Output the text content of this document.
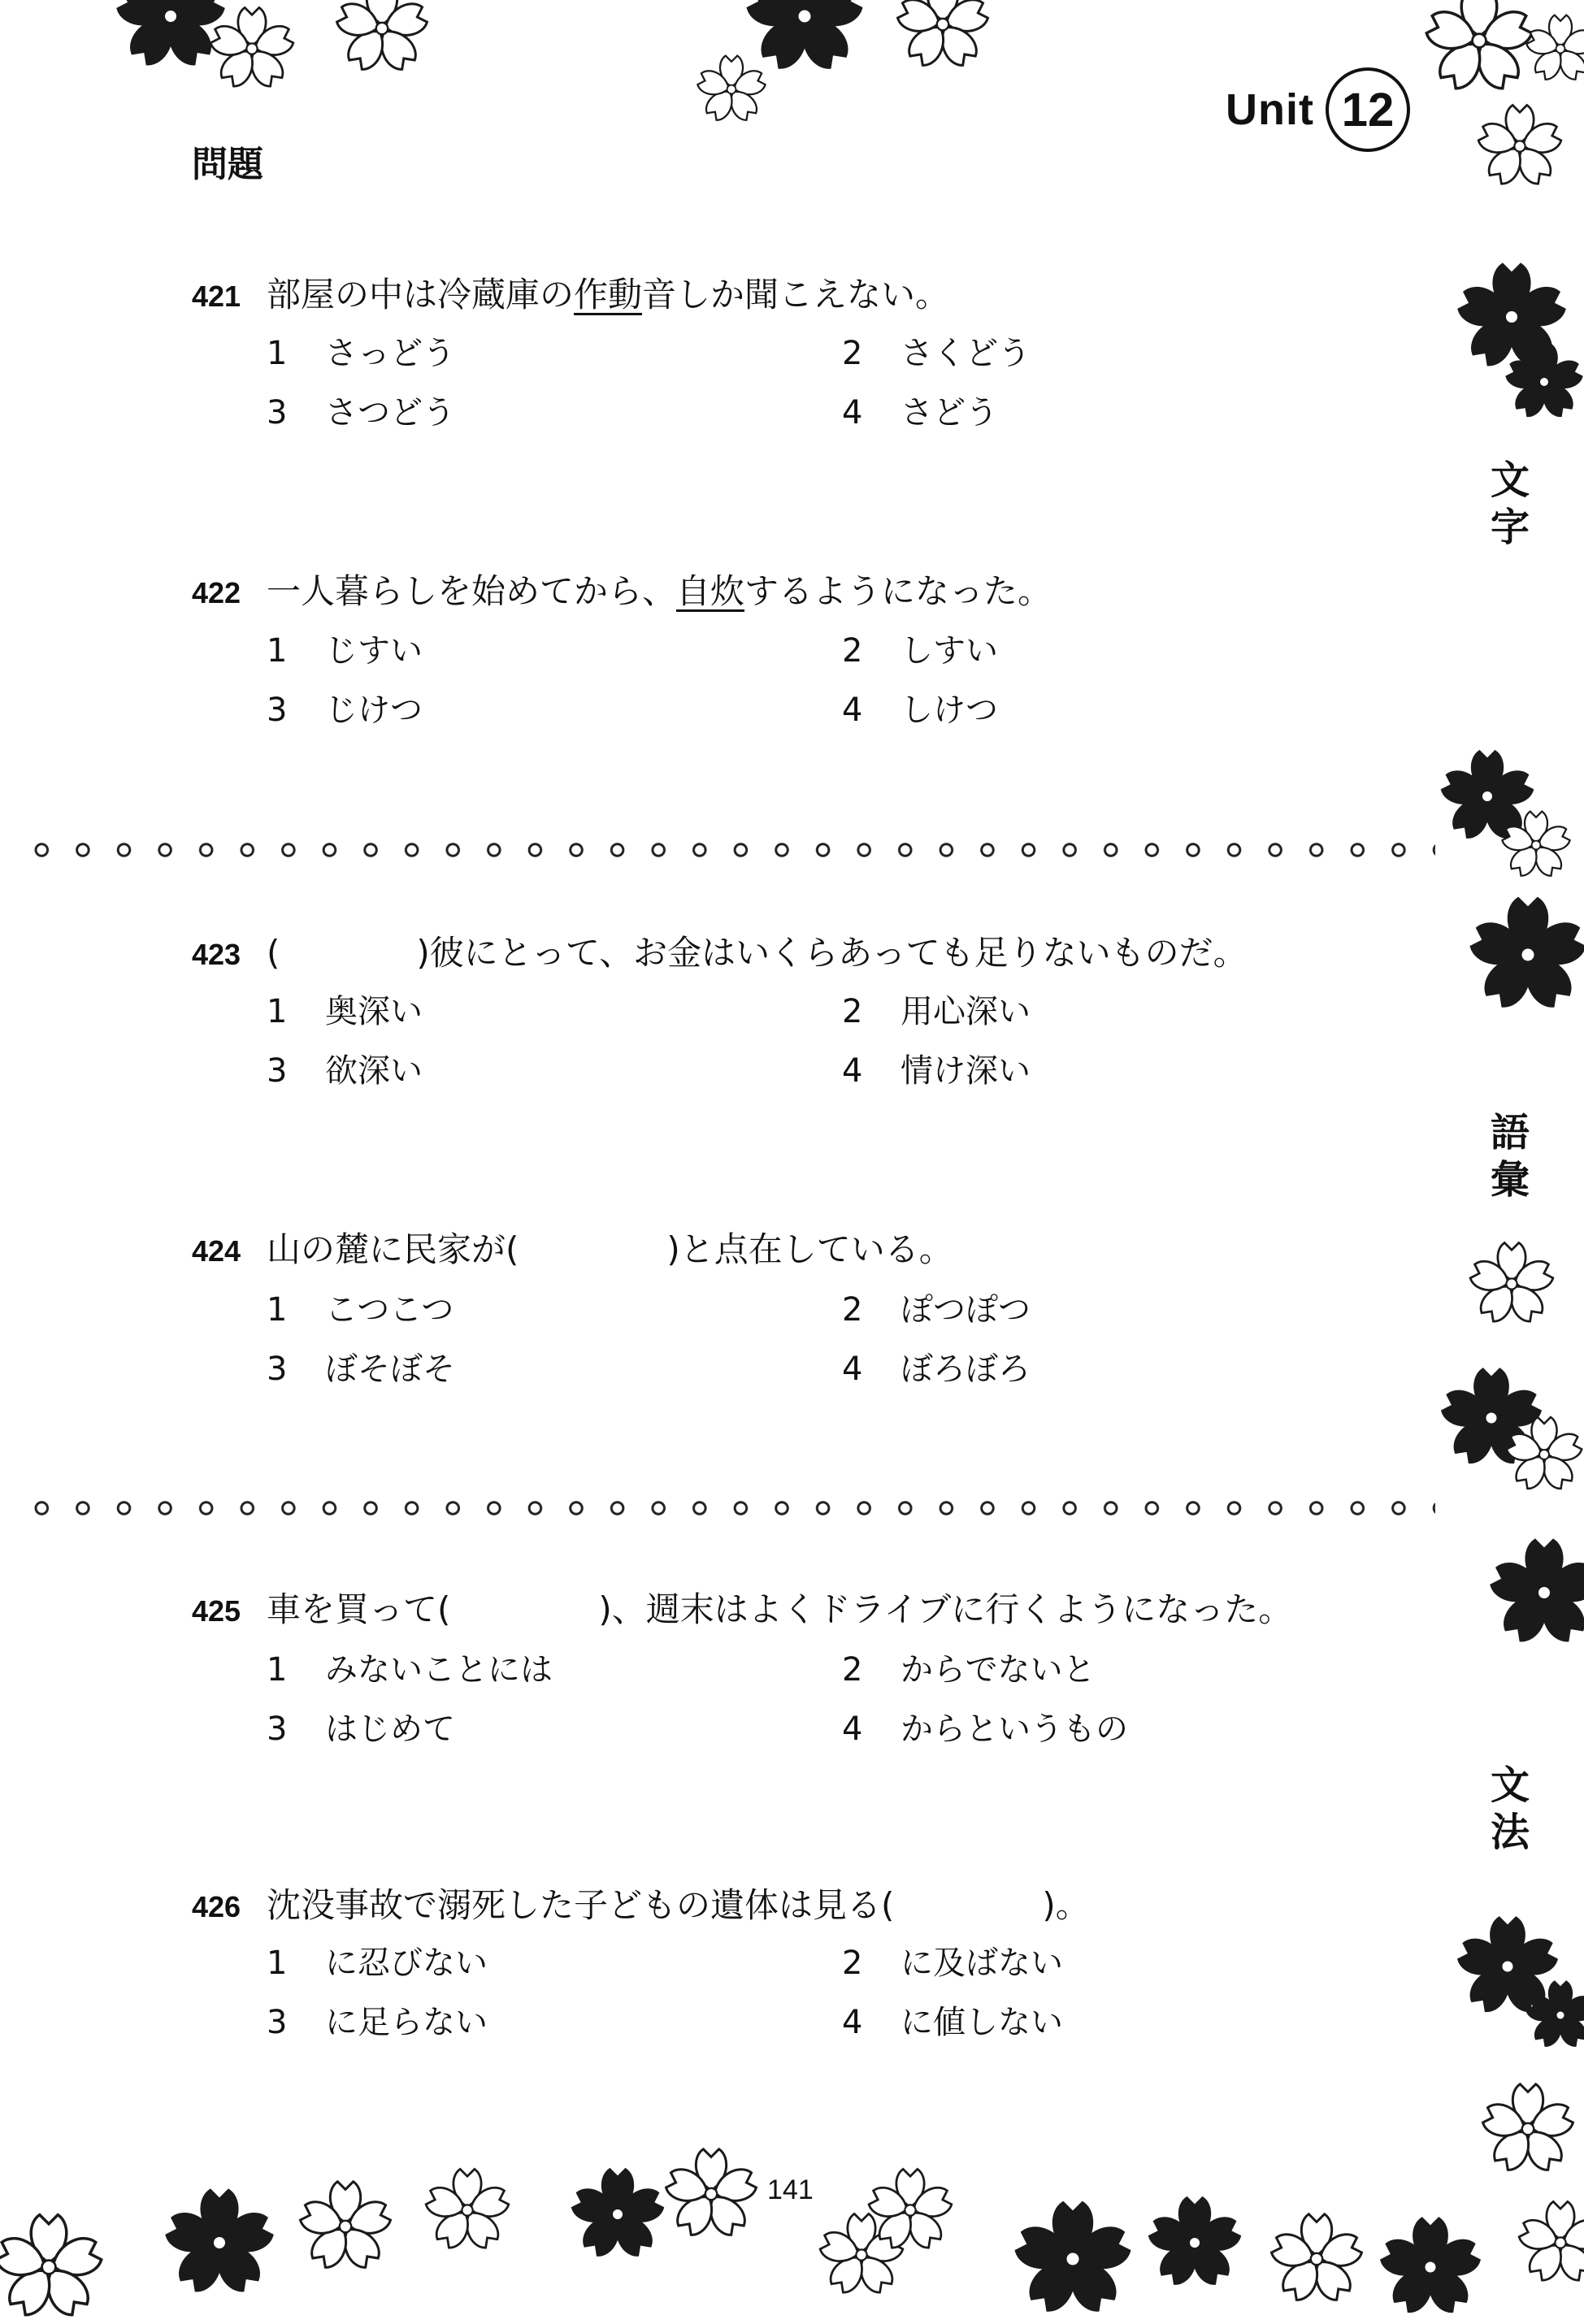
Unit 12
問題
421 部屋の中は冷蔵庫の 作動 音しか聞こえない。
1 さっどう	2 さくどう
3 さつどう	4 さどう
422 一人暮らしを始めてから、 自炊 するようになった。
1 じすい	2 しすい
3 じけつ	4 しけつ
423 (	)彼にとって、お金はいくらあっても足りないものだ。
1 奥深い	2 用心深い
3 欲深い	4 情け深い
424 山の麓に民家が(	)と点在している。
1 こつこつ	2 ぽつぽつ
3 ぼそぼそ	4 ぼろぼろ
425 車を買って(	)、週末はよくドライブに行くようになった。
1 みないことには	2 からでないと
3 はじめて	4 からというもの
426 沈没事故で溺死した子どもの遺体は見る(	)。
1 に忍びない	2 に及ばない
3 に足らない	4 に値しない
文字
語彙
文法
141
